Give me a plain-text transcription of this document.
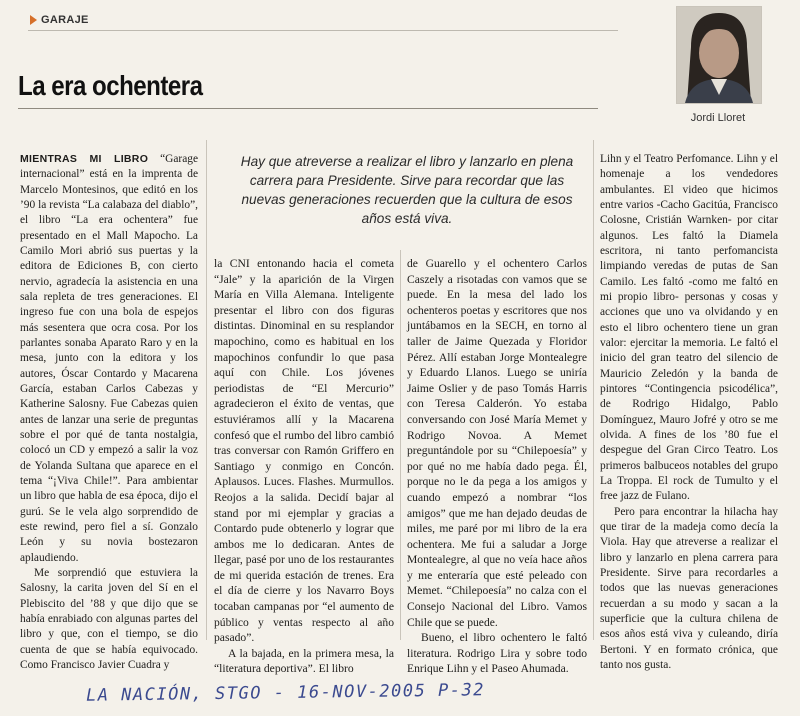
GARAJE
La era ochentera
Jordi Lloret

MIENTRAS MI LIBRO “Garage internacional” está en la imprenta de Marcelo Montesinos, que editó en los ’90 la revista “La calabaza del diablo”, el libro “La era ochentera” fue presentado en el Mall Mapocho. La Camilo Mori abrió sus puertas y la editora de Ediciones B, con cierto nervio, agradecía la asistencia en una sala repleta de tres generaciones. El ingreso fue con una bola de espejos más sesentera que ocra cosa. Por los parlantes sonaba Aparato Raro y en la mesa, junto con la editora y los autores, Óscar Contardo y Macarena García, estaban Carlos Cabezas y Katherine Salosny. Fue Cabezas quien antes de lanzar una serie de preguntas sobre el por qué de tanta nostalgia, colocó un CD y empezó a salir la voz de Yolanda Sultana que aparece en el tema “¡Viva Chile!”. Para ambientar un libro que habla de esa época, dijo el gurú. Se le vela algo sorprendido de este rewind, pero fiel a sí. Gonzalo León y su novia bostezaron aplaudiendo.

Me sorprendió que estuviera la Salosny, la carita joven del Sí en el Plebiscito del ’88 y que dijo que se había enrabiado con algunas partes del libro y que, con el tiempo, se dio cuenta de que se había equivocado. Como Francisco Javier Cuadra y

Hay que atreverse a realizar el libro y lanzarlo en plena carrera para Presidente. Sirve para recordar que las nuevas generaciones recuerden que la cultura de esos años está viva.

la CNI entonando hacia el cometa “Jale” y la aparición de la Virgen María en Villa Alemana. Inteligente presentar el libro con dos figuras distintas. Dinominal en su resplandor mapochino, como es habitual en los mapochinos confundir lo que pasa aquí con Chile. Los jóvenes periodistas de “El Mercurio” agradecieron el éxito de ventas, que estuviéramos allí y la Macarena confesó que el rumbo del libro cambió tras conversar con Ramón Griffero en Santiago y conmigo en Concón. Aplausos. Luces. Flashes. Murmullos. Reojos a la salida. Decidí bajar al stand por mi ejemplar y gracias a Contardo pude obtenerlo y lograr que ambos me lo dedicaran. Antes de llegar, pasé por uno de los restaurantes de mi querida estación de trenes. Era el día de cierre y los Navarro Boys tocaban campanas por “el aumento de público y ventas respecto al año pasado”.

A la bajada, en la primera mesa, la “literatura deportiva”. El libro

de Guarello y el ochentero Carlos Caszely a risotadas con vamos que se puede. En la mesa del lado los ochenteros poetas y escritores que nos juntábamos en la SECH, en torno al taller de Jaime Quezada y Floridor Pérez. Allí estaban Jorge Montealegre y Eduardo Llanos. Luego se uniría Jaime Oslier y de paso Tomás Harris con Teresa Calderón. Yo estaba conversando con José María Memet y Rodrigo Novoa. A Memet preguntándole por su “Chilepoesía” y por qué no me había dado pega. Él, porque no le da pega a los amigos y cuando empezó a nombrar “los amigos” que me han dejado deudas de miles, me paré por mi libro de la era ochentera. Me fui a saludar a Jorge Montealegre, al que no veía hace años y me enteraría que esté peleado con Memet. “Chilepoesía” no calza con el Consejo Nacional del Libro. Vamos Chile que se puede.

Bueno, el libro ochentero le faltó literatura. Rodrigo Lira y sobre todo Enrique Lihn y el Paseo Ahumada.

Lihn y el Teatro Perfomance. Lihn y el homenaje a los vendedores ambulantes. El video que hicimos entre varios -Cacho Gacitúa, Francisco Colosne, Cristián Warnken- por citar algunos. Les faltó la Diamela escritora, ni tanto perfomancista limpiando veredas de putas de San Camilo. Les faltó -como me faltó en mi propio libro- personas y cosas y acciones que uno va olvidando y en esto el libro ochentero tiene un gran valor: ejercitar la memoria. Le faltó el inicio del gran teatro del silencio de Mauricio Zeledón y la banda de pintores “Contingencia psicodélica”, de Rodrigo Hidalgo, Pablo Domínguez, Mauro Jofré y otro se me olvida. A fines de los ’80 fue el despegue del Gran Circo Teatro. Los primeros balbuceos notables del grupo La Troppa. El rock de Tumulto y el free jazz de Fulano.

Pero para encontrar la hilacha hay que tirar de la madeja como decía la Viola. Hay que atreverse a realizar el libro y lanzarlo en plena carrera para Presidente. Sirve para recordarles a todos que las nuevas generaciones recuerdan a su modo y sacan a la superficie que la cultura chilena de esos años está viva y culeando, diría Bertoni. Y en formato crónica, que tanto nos gusta.

LA NACIÓN, STGO - 16-NOV-2005 P-32
